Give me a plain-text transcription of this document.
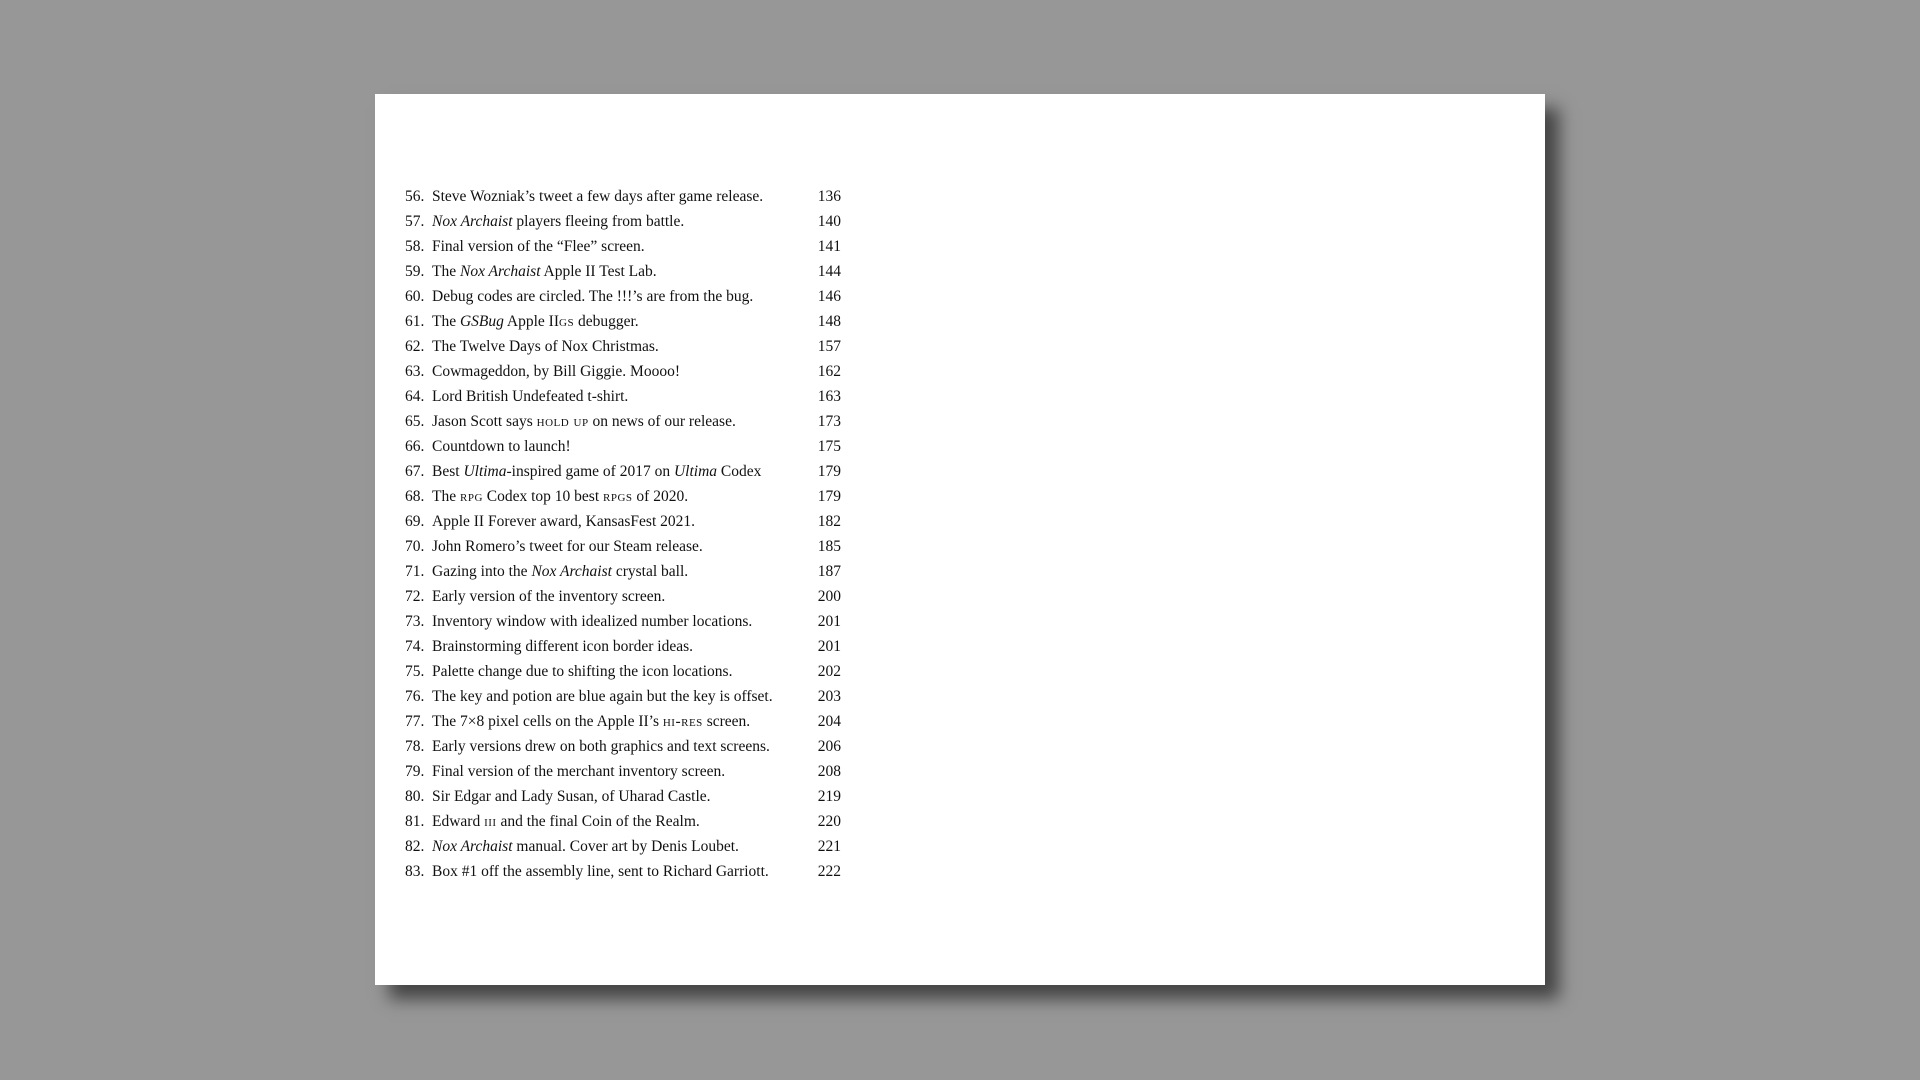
56. Steve Wozniak’s tweet a few days after game release.	136
57. Nox Archaist players fleeing from battle.	140
58. Final version of the “Flee” screen.	141
59. The Nox Archaist Apple II Test Lab.	144
60. Debug codes are circled. The !!!’s are from the bug.	146
61. The GSBug Apple IIgs debugger.	148
62. The Twelve Days of Nox Christmas.	157
63. Cowmageddon, by Bill Giggie. Moooo!	162
64. Lord British Undefeated t-shirt.	163
65. Jason Scott says hold up on news of our release.	173
66. Countdown to launch!	175
67. Best Ultima-inspired game of 2017 on Ultima Codex	179
68. The rpg Codex top 10 best rpgs of 2020.	179
69. Apple II Forever award, KansasFest 2021.	182
70. John Romero’s tweet for our Steam release.	185
71. Gazing into the Nox Archaist crystal ball.	187
72. Early version of the inventory screen.	200
73. Inventory window with idealized number locations.	201
74. Brainstorming different icon border ideas.	201
75. Palette change due to shifting the icon locations.	202
76. The key and potion are blue again but the key is offset.	203
77. The 7×8 pixel cells on the Apple II’s hi-res screen.	204
78. Early versions drew on both graphics and text screens.	206
79. Final version of the merchant inventory screen.	208
80. Sir Edgar and Lady Susan, of Uharad Castle.	219
81. Edward iii and the final Coin of the Realm.	220
82. Nox Archaist manual. Cover art by Denis Loubet.	221
83. Box #1 off the assembly line, sent to Richard Garriott.	222
